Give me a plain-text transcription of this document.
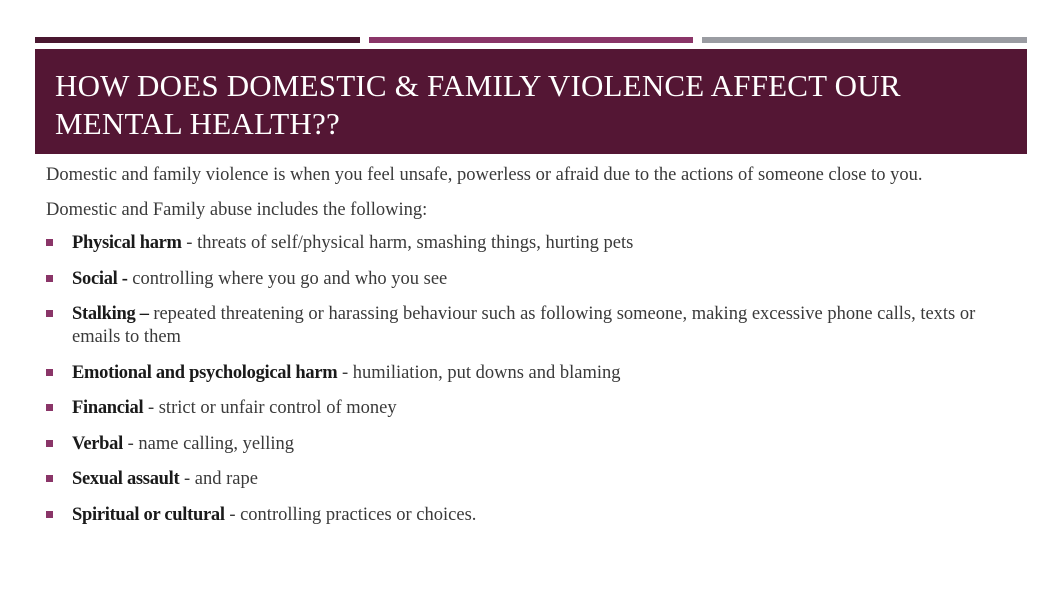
HOW DOES DOMESTIC & FAMILY VIOLENCE AFFECT OUR MENTAL HEALTH??

Domestic and family violence is when you feel unsafe, powerless or afraid due to the actions of someone close to you.

Domestic and Family abuse includes the following:

Physical harm - threats of self/physical harm, smashing things, hurting pets
Social - controlling where you go and who you see
Stalking – repeated threatening or harassing behaviour such as following someone, making excessive phone calls, texts or emails to them
Emotional and psychological harm - humiliation, put downs and blaming
Financial - strict or unfair control of money
Verbal - name calling, yelling
Sexual assault - and rape
Spiritual or cultural - controlling practices or choices.
